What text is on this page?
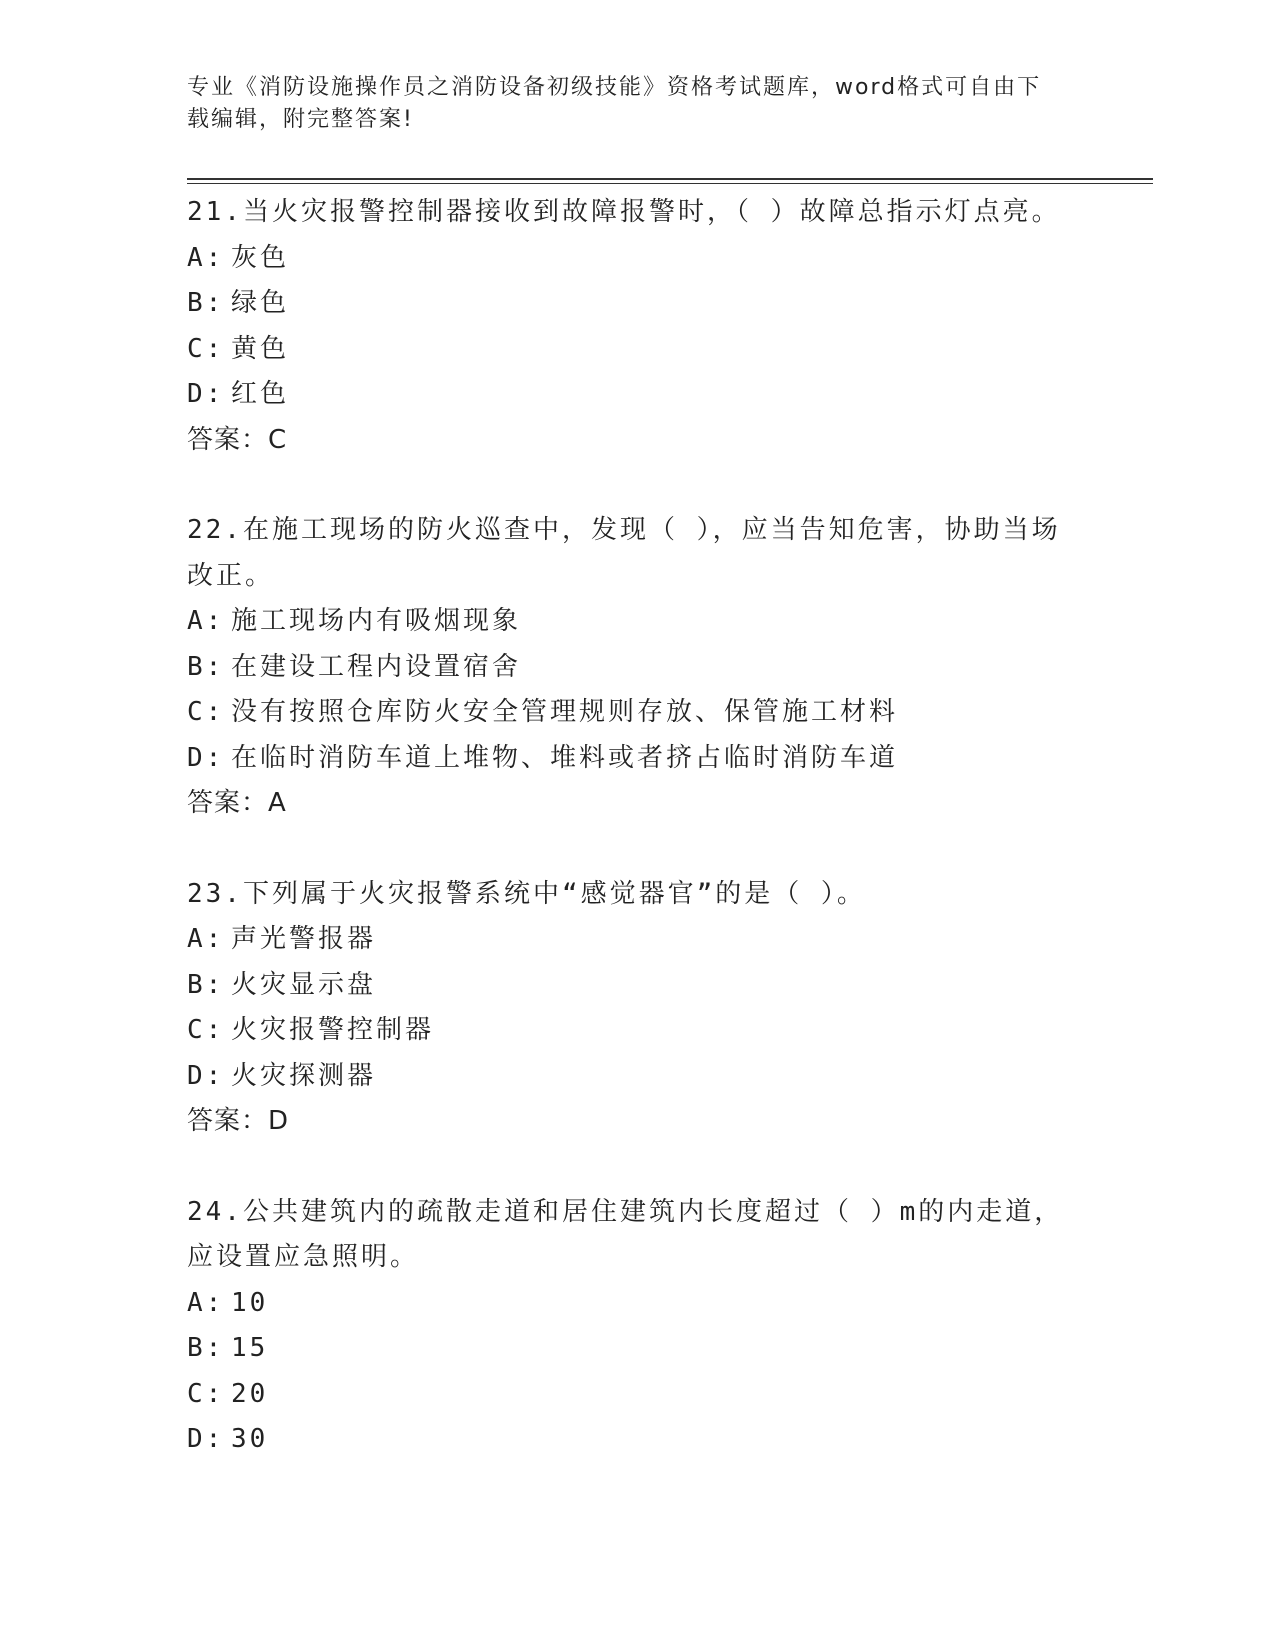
专业《消防设施操作员之消防设备初级技能》资格考试题库，word格式可自由下
载编辑，附完整答案!
21.当火灾报警控制器接收到故障报警时，（ ）故障总指示灯点亮。
A: 灰色
B: 绿色
C: 黄色
D: 红色
答案：C
22.在施工现场的防火巡查中，发现（ ），应当告知危害，协助当场
改正。
A: 施工现场内有吸烟现象
B: 在建设工程内设置宿舍
C: 没有按照仓库防火安全管理规则存放、保管施工材料
D: 在临时消防车道上堆物、堆料或者挤占临时消防车道
答案：A
23.下列属于火灾报警系统中“感觉器官”的是（ ）。
A: 声光警报器
B: 火灾显示盘
C: 火灾报警控制器
D: 火灾探测器
答案：D
24.公共建筑内的疏散走道和居住建筑内长度超过（ ）m的内走道，
应设置应急照明。
A: 10
B: 15
C: 20
D: 30
